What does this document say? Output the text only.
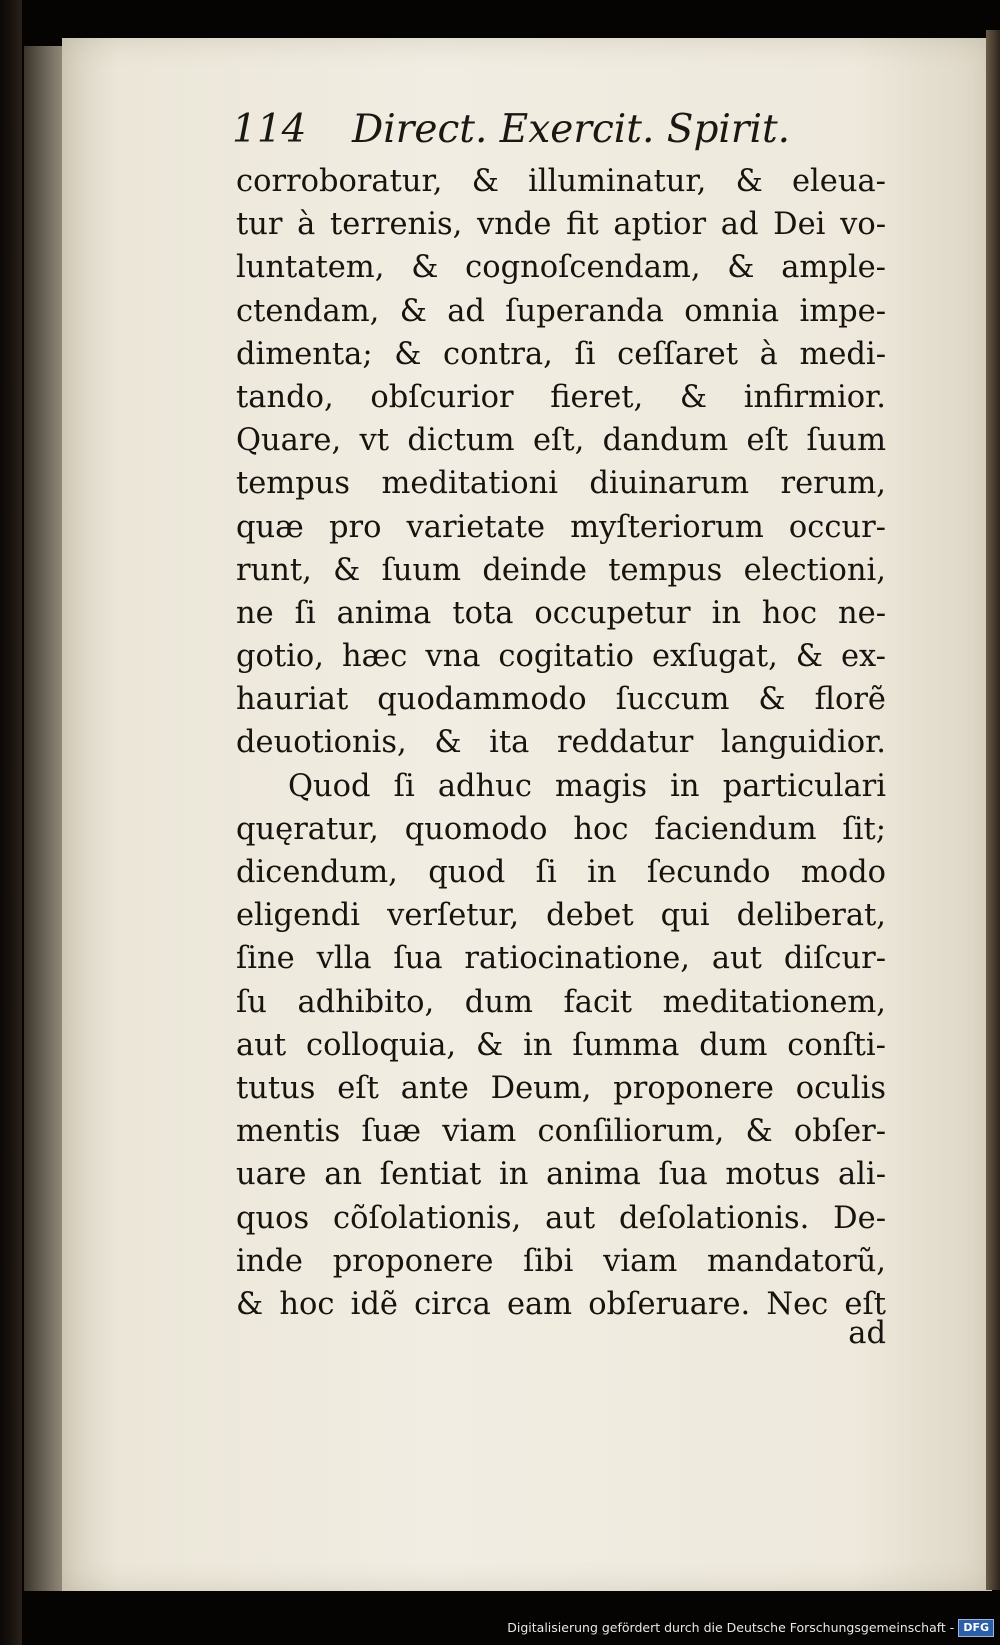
114 Direct. Exercit. Spirit.
corroboratur, & illuminatur, & eleua-
tur à terrenis, vnde fit aptior ad Dei vo-
luntatem, & cognoſcendam, & ample-
ctendam, & ad ſuperanda omnia impe-
dimenta; & contra, ſi ceſſaret à medi-
tando, obſcurior fieret, & infirmior.
Quare, vt dictum eſt, dandum eſt ſuum
tempus meditationi diuinarum rerum,
quæ pro varietate myſteriorum occur-
runt, & ſuum deinde tempus electioni,
ne ſi anima tota occupetur in hoc ne-
gotio, hæc vna cogitatio exſugat, & ex-
hauriat quodammodo ſuccum & florẽ
deuotionis, & ita reddatur languidior.
Quod ſi adhuc magis in particulari
quęratur, quomodo hoc faciendum ſit;
dicendum, quod ſi in ſecundo modo
eligendi verſetur, debet qui deliberat,
ſine vlla ſua ratiocinatione, aut diſcur-
ſu adhibito, dum facit meditationem,
aut colloquia, & in ſumma dum conſti-
tutus eſt ante Deum, proponere oculis
mentis ſuæ viam conſiliorum, & obſer-
uare an ſentiat in anima ſua motus ali-
quos cõſolationis, aut deſolationis. De-
inde proponere ſibi viam mandatorũ,
& hoc idẽ circa eam obſeruare. Nec eſt
ad
Digitalisierung gefördert durch die Deutsche Forschungsgemeinschaft - DFG
